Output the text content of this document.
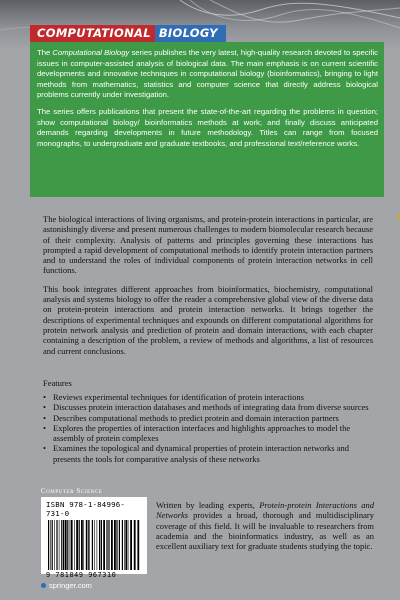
COMPUTATIONAL BIOLOGY

The Computational Biology series publishes the very latest, high-quality research devoted to specific issues in computer-assisted analysis of biological data. The main emphasis is on current scientific developments and innovative techniques in computational biology (bioinformatics), bringing to light methods from mathematics, statistics and computer science that directly address biological problems currently under investigation.

The series offers publications that present the state-of-the-art regarding the problems in question; show computational biology/ bioinformatics methods at work; and finally discuss anticipated demands regarding developments in future methodology. Titles can range from focused monographs, to undergraduate and graduate textbooks, and professional text/reference works.

The biological interactions of living organisms, and protein-protein interactions in particular, are astonishingly diverse and present numerous challenges to modern biomolecular research because of their complexity. Analysis of patterns and principles governing these interactions has prompted a rapid development of computational methods to identify protein interaction partners and to understand the roles of individual components of protein interaction networks in cell functions.

This book integrates different approaches from bioinformatics, biochemistry, computational analysis and systems biology to offer the reader a comprehensive global view of the diverse data on protein-protein interactions and protein interaction networks. It brings together the descriptions of experimental techniques and expounds on different computational algorithms for protein network analysis and prediction of protein and domain interactions, with each chapter containing a description of the problem, a review of methods and algorithms, a list of resources and current conclusions.

Features
• Reviews experimental techniques for identification of protein interactions
• Discusses protein interaction databases and methods of integrating data from diverse sources
• Describes computational methods to predict protein and domain interaction partners
• Explores the properties of interaction interfaces and highlights approaches to model the assembly of protein complexes
• Examines the topological and dynamical properties of protein interaction networks and presents the tools for comparative analysis of these networks
Computer Science
ISBN 978-1-84996-731-0
9 781849 967310
Written by leading experts, Protein-protein Interactions and Networks provides a broad, thorough and multidisciplinary coverage of this field. It will be invaluable to researchers from academia and the bioinformatics industry, as well as an excellent auxiliary text for graduate students studying the topic.
springer.com
